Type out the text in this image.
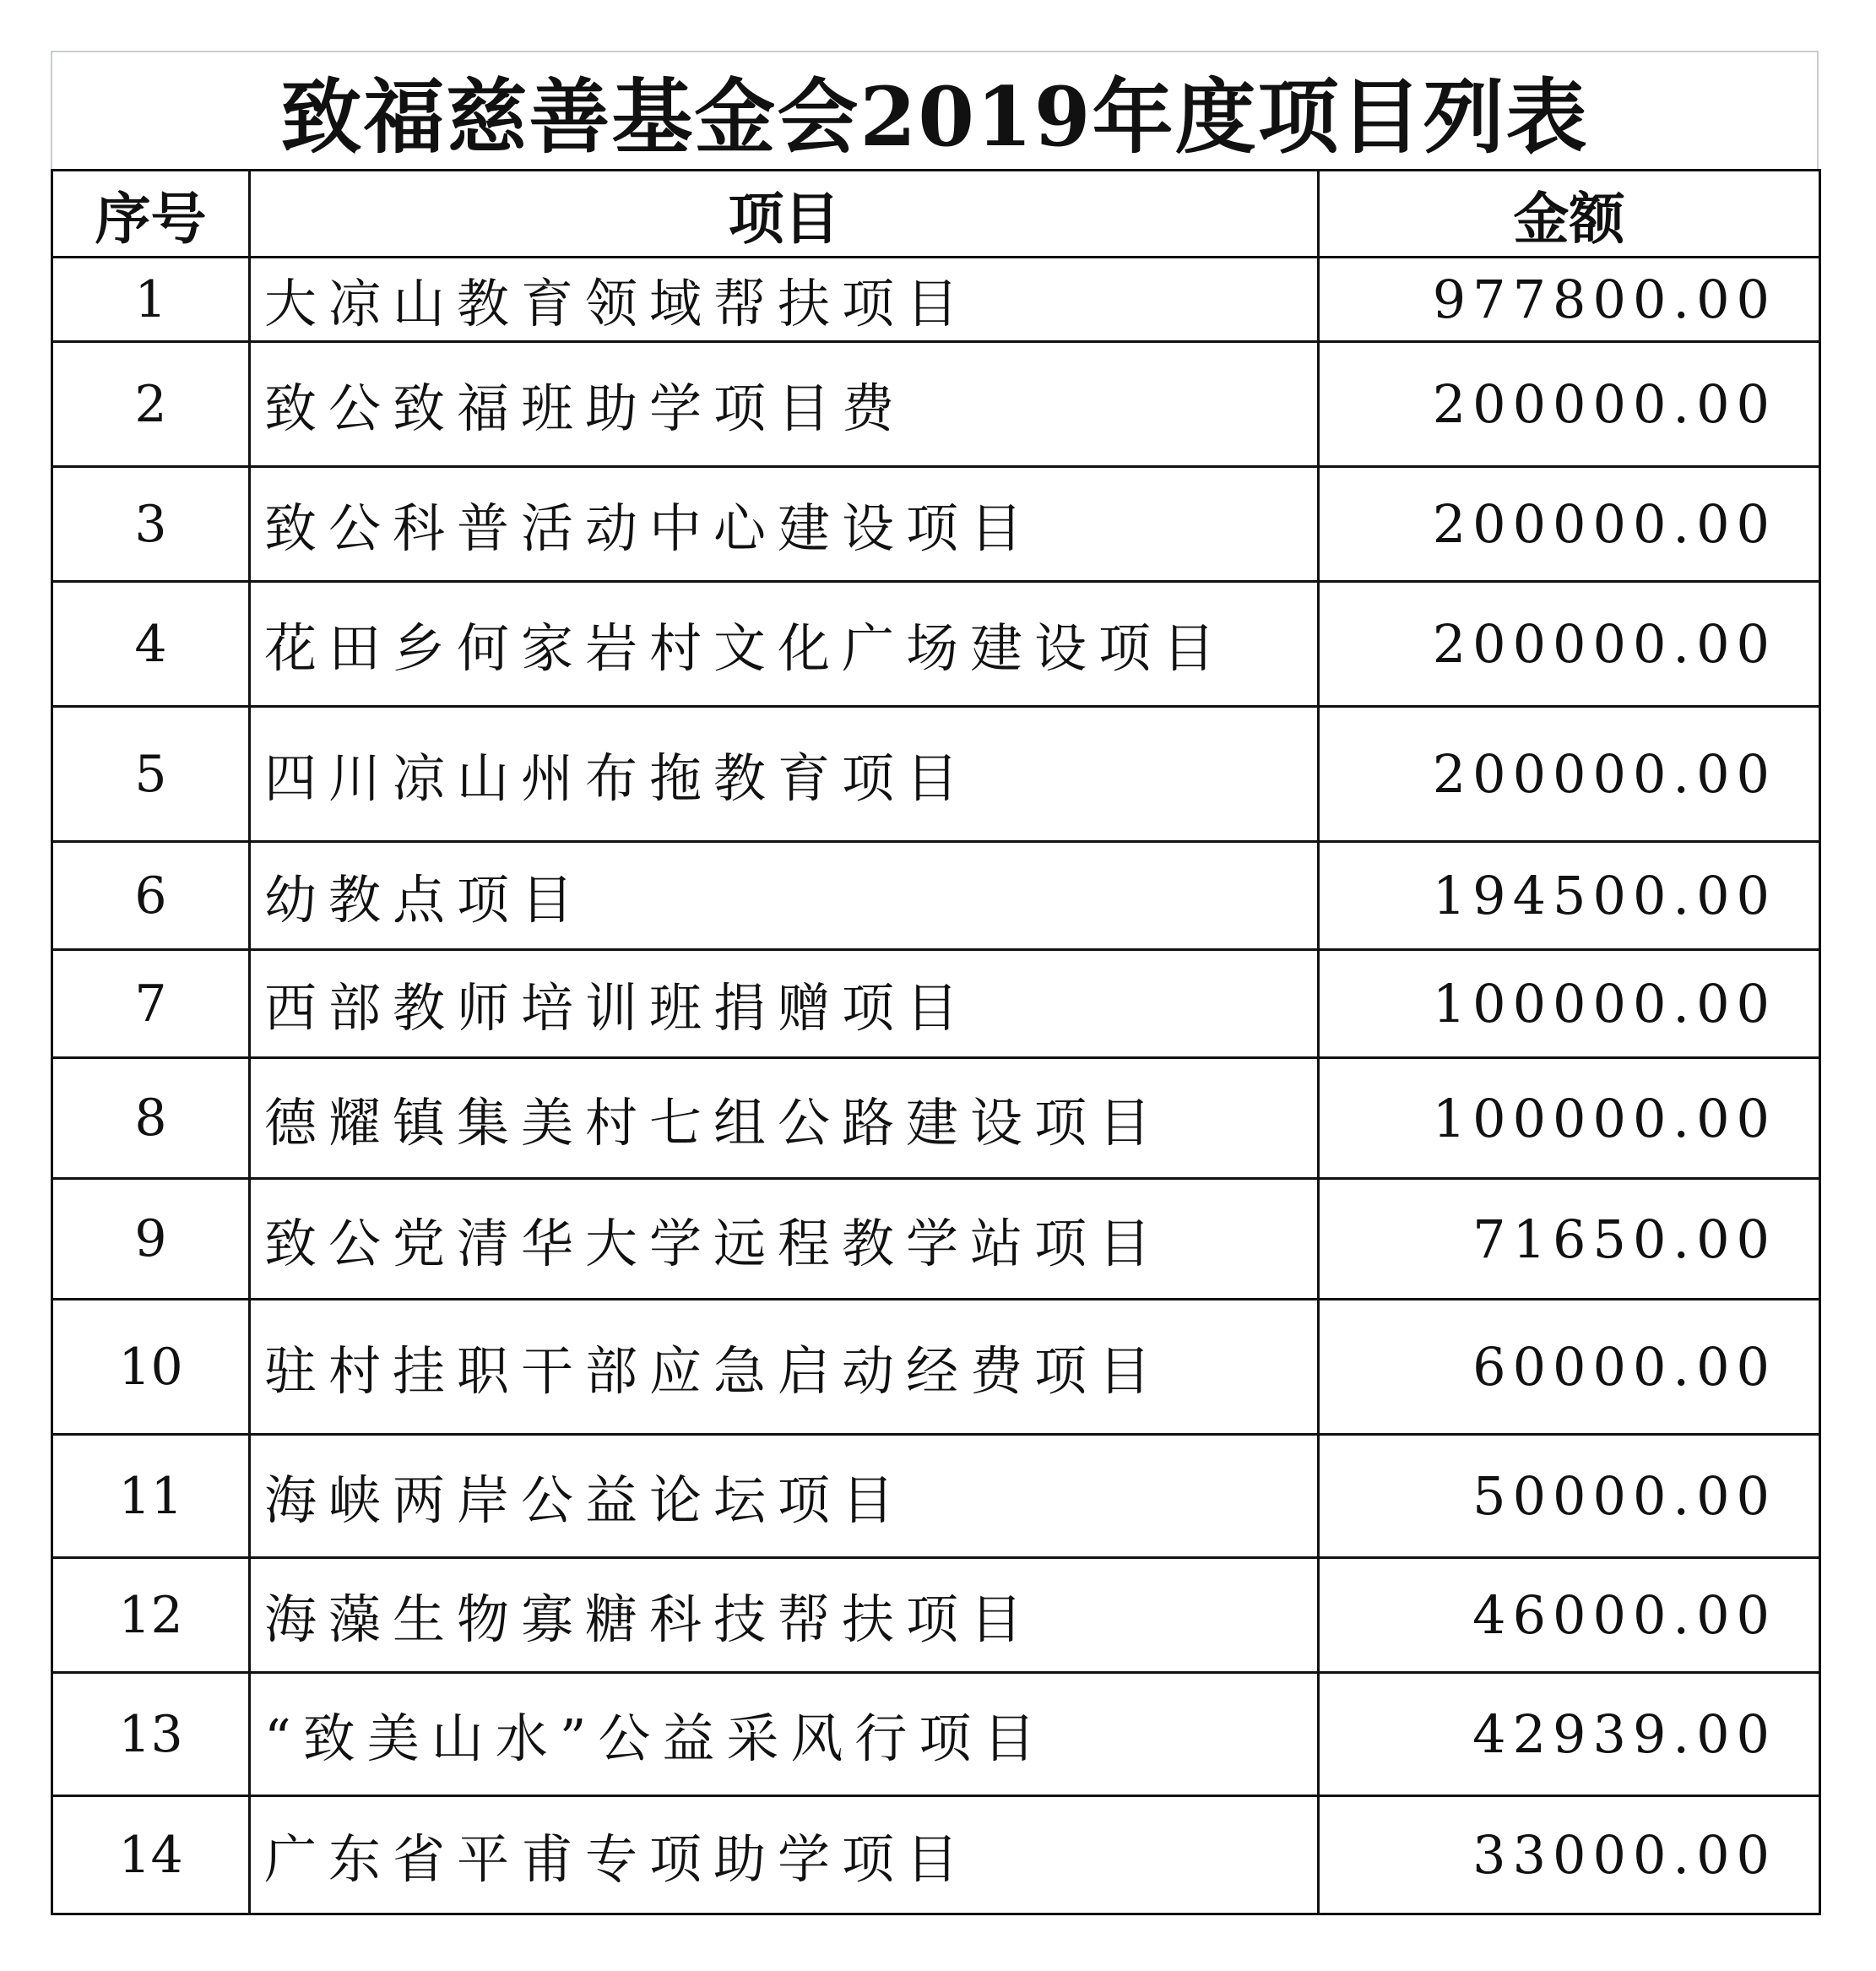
致福慈善基金会2019年度项目列表
序号	项目	金额
1	大凉山教育领域帮扶项目	977800.00
2	致公致福班助学项目费	200000.00
3	致公科普活动中心建设项目	200000.00
4	花田乡何家岩村文化广场建设项目	200000.00
5	四川凉山州布拖教育项目	200000.00
6	幼教点项目	194500.00
7	西部教师培训班捐赠项目	100000.00
8	德耀镇集美村七组公路建设项目	100000.00
9	致公党清华大学远程教学站项目	71650.00
10	驻村挂职干部应急启动经费项目	60000.00
11	海峡两岸公益论坛项目	50000.00
12	海藻生物寡糖科技帮扶项目	46000.00
13	“致美山水”公益采风行项目	42939.00
14	广东省平甫专项助学项目	33000.00
